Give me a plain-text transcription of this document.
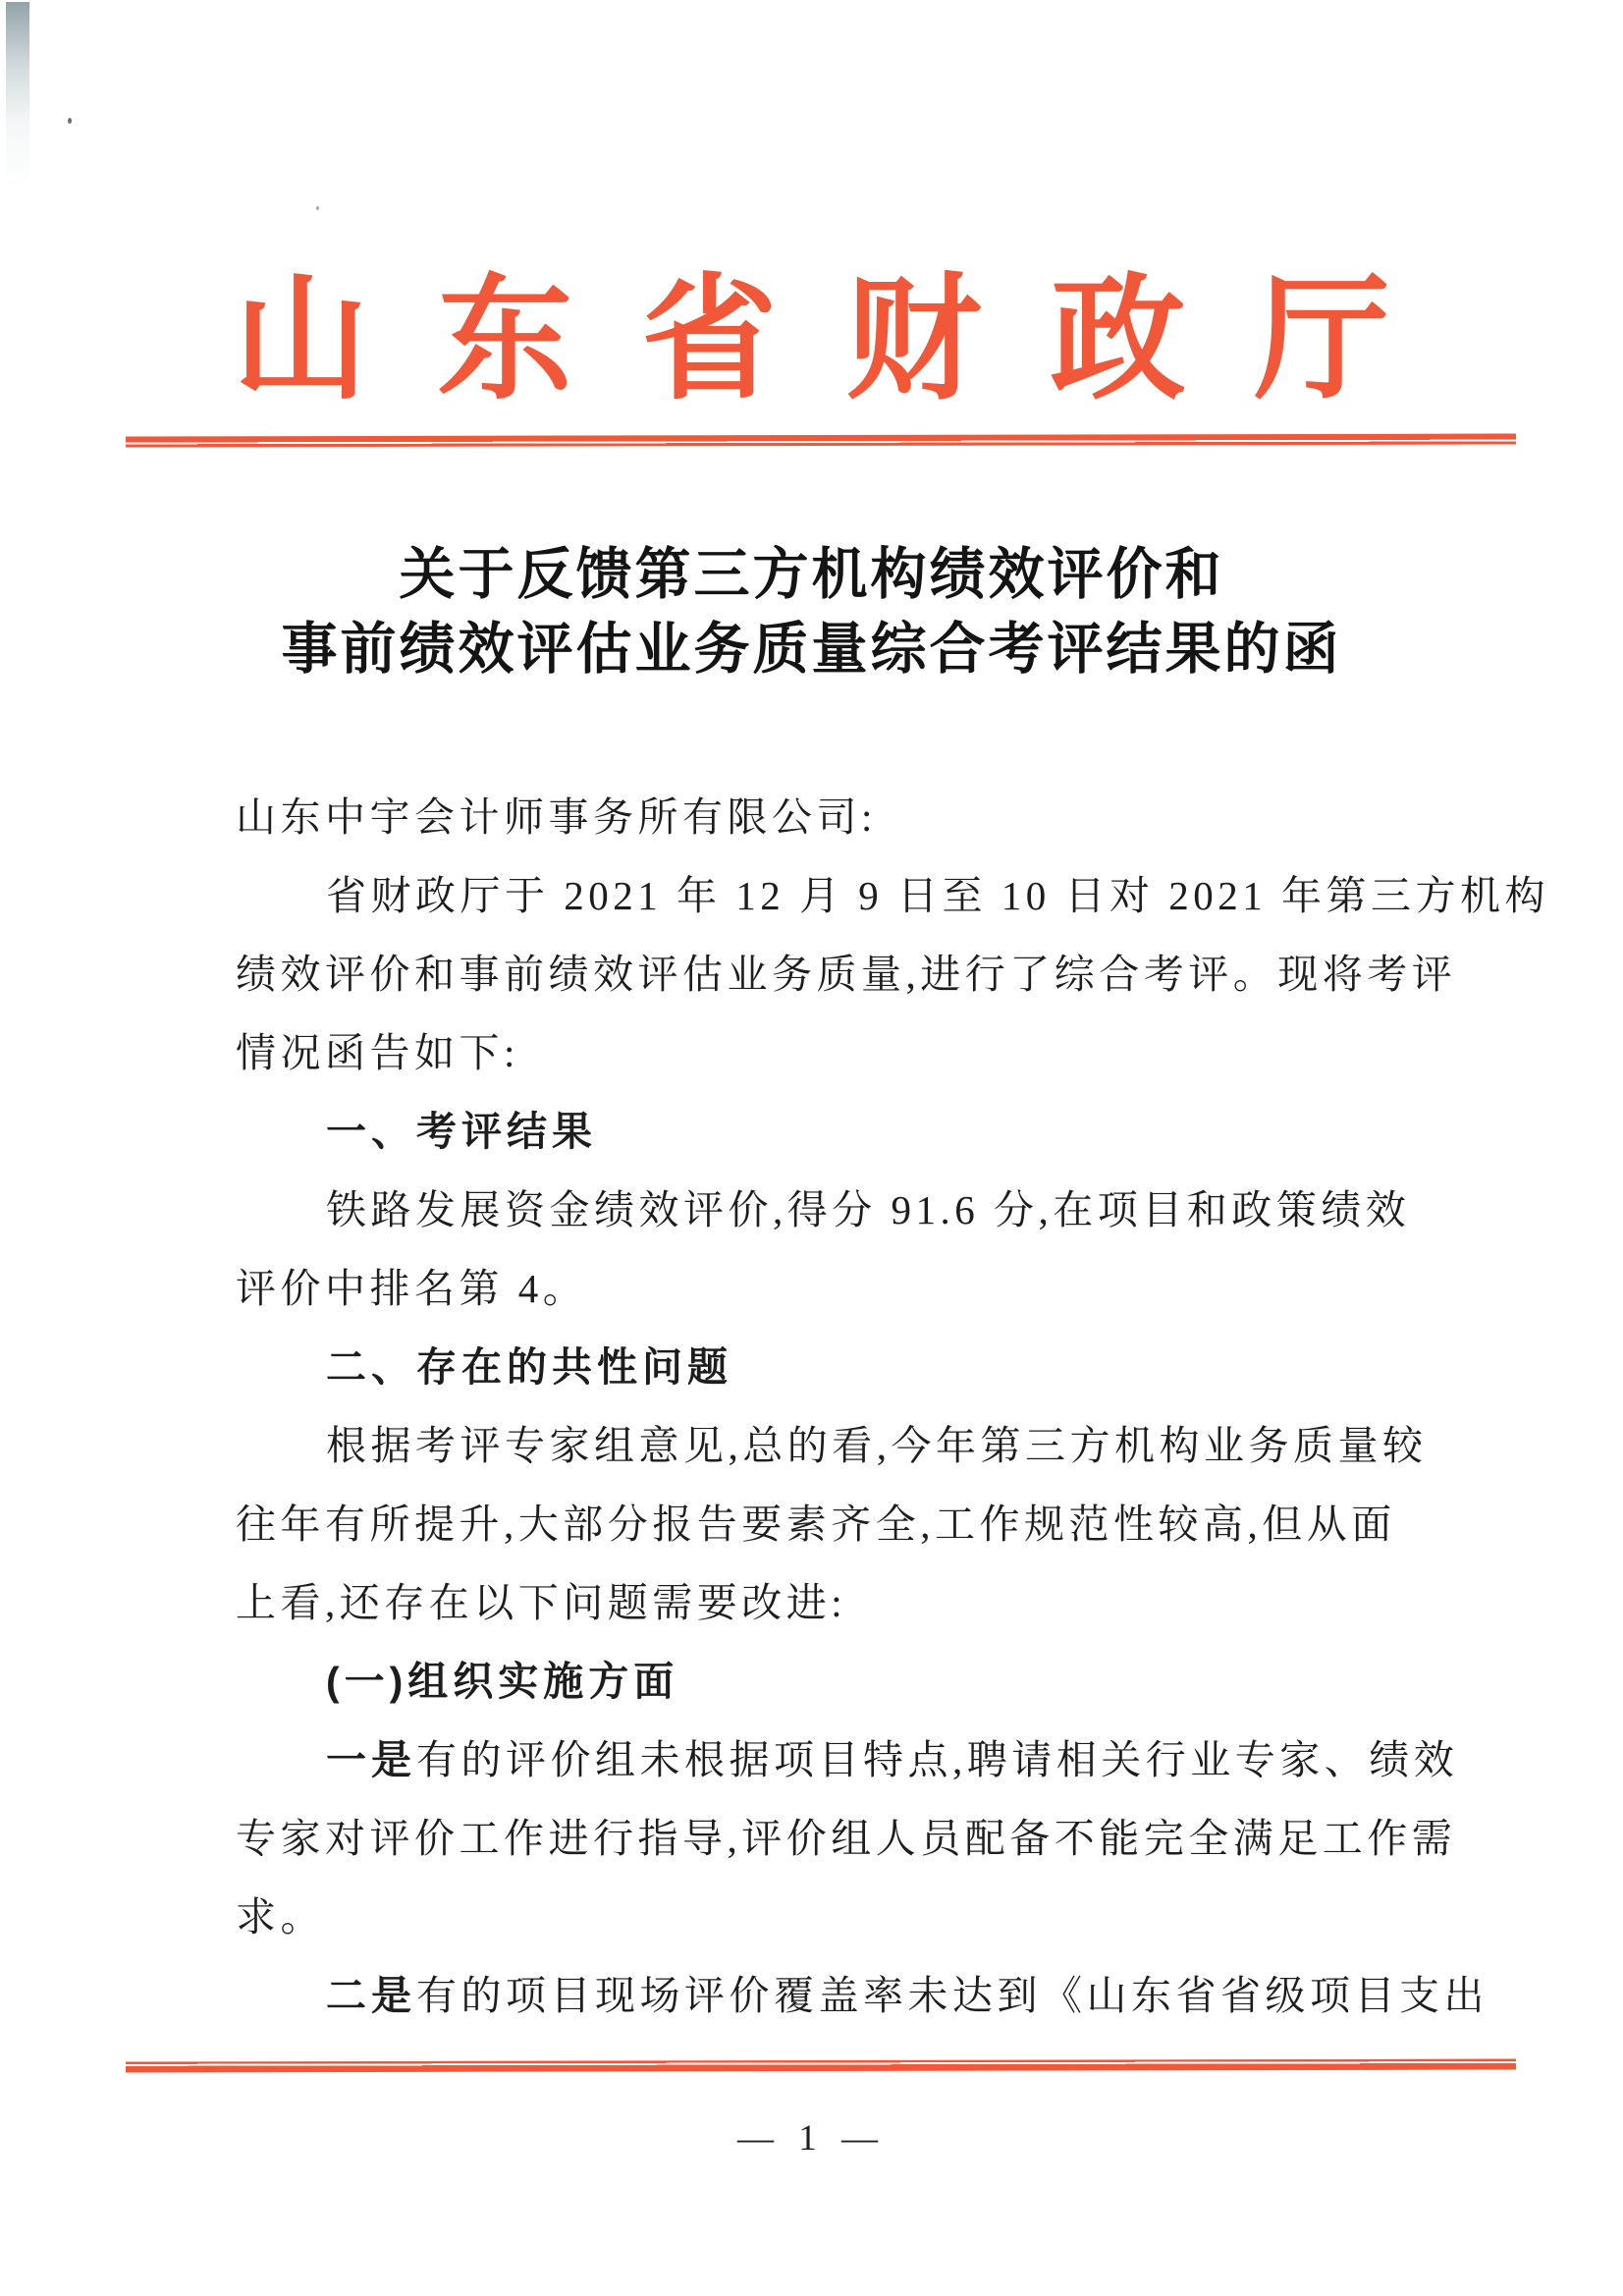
山东省财政厅
关于反馈第三方机构绩效评价和
事前绩效评估业务质量综合考评结果的函
山东中宇会计师事务所有限公司:
省财政厅于 2021 年 12 月 9 日至 10 日对 2021 年第三方机构
绩效评价和事前绩效评估业务质量,进行了综合考评。现将考评
情况函告如下:
一、考评结果
铁路发展资金绩效评价,得分 91.6 分,在项目和政策绩效
评价中排名第 4。
二、存在的共性问题
根据考评专家组意见,总的看,今年第三方机构业务质量较
往年有所提升,大部分报告要素齐全,工作规范性较高,但从面
上看,还存在以下问题需要改进:
(一)组织实施方面
一是有的评价组未根据项目特点,聘请相关行业专家、绩效
专家对评价工作进行指导,评价组人员配备不能完全满足工作需
求。
二是有的项目现场评价覆盖率未达到《山东省省级项目支出
— 1 —
